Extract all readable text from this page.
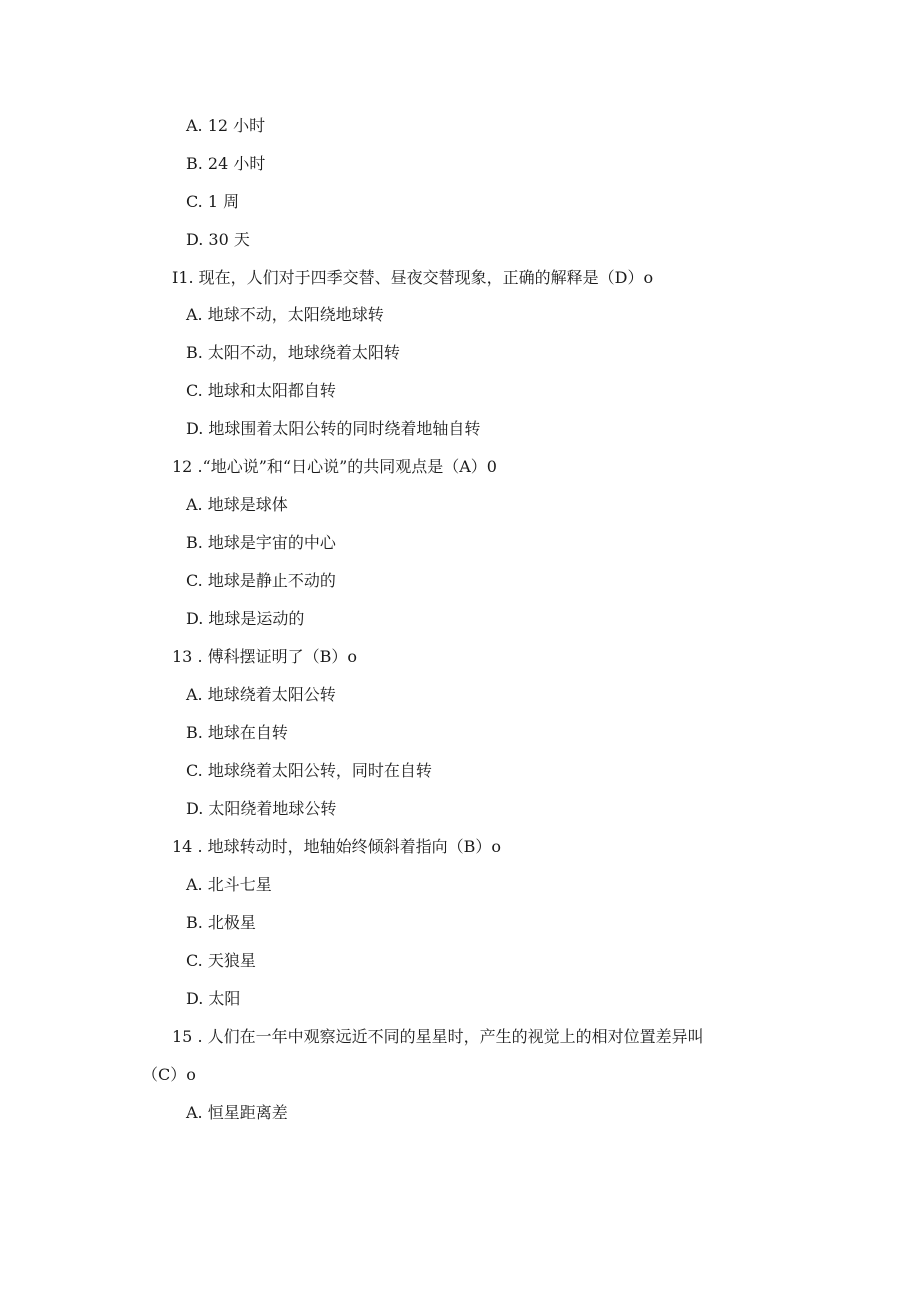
A. 12 小时
B. 24 小时
C. 1 周
D. 30 天
I1. 现在，人们对于四季交替、昼夜交替现象，正确的解释是（D）o
A. 地球不动，太阳绕地球转
B. 太阳不动，地球绕着太阳转
C. 地球和太阳都自转
D. 地球围着太阳公转的同时绕着地轴自转
12 .“地心说”和“日心说”的共同观点是（A）0
A. 地球是球体
B. 地球是宇宙的中心
C. 地球是静止不动的
D. 地球是运动的
13 . 傅科摆证明了（B）o
A. 地球绕着太阳公转
B. 地球在自转
C. 地球绕着太阳公转，同时在自转
D. 太阳绕着地球公转
14 . 地球转动时，地轴始终倾斜着指向（B）o
A. 北斗七星
B. 北极星
C. 天狼星
D. 太阳
15 . 人们在一年中观察远近不同的星星时，产生的视觉上的相对位置差异叫
（C）o
A. 恒星距离差
